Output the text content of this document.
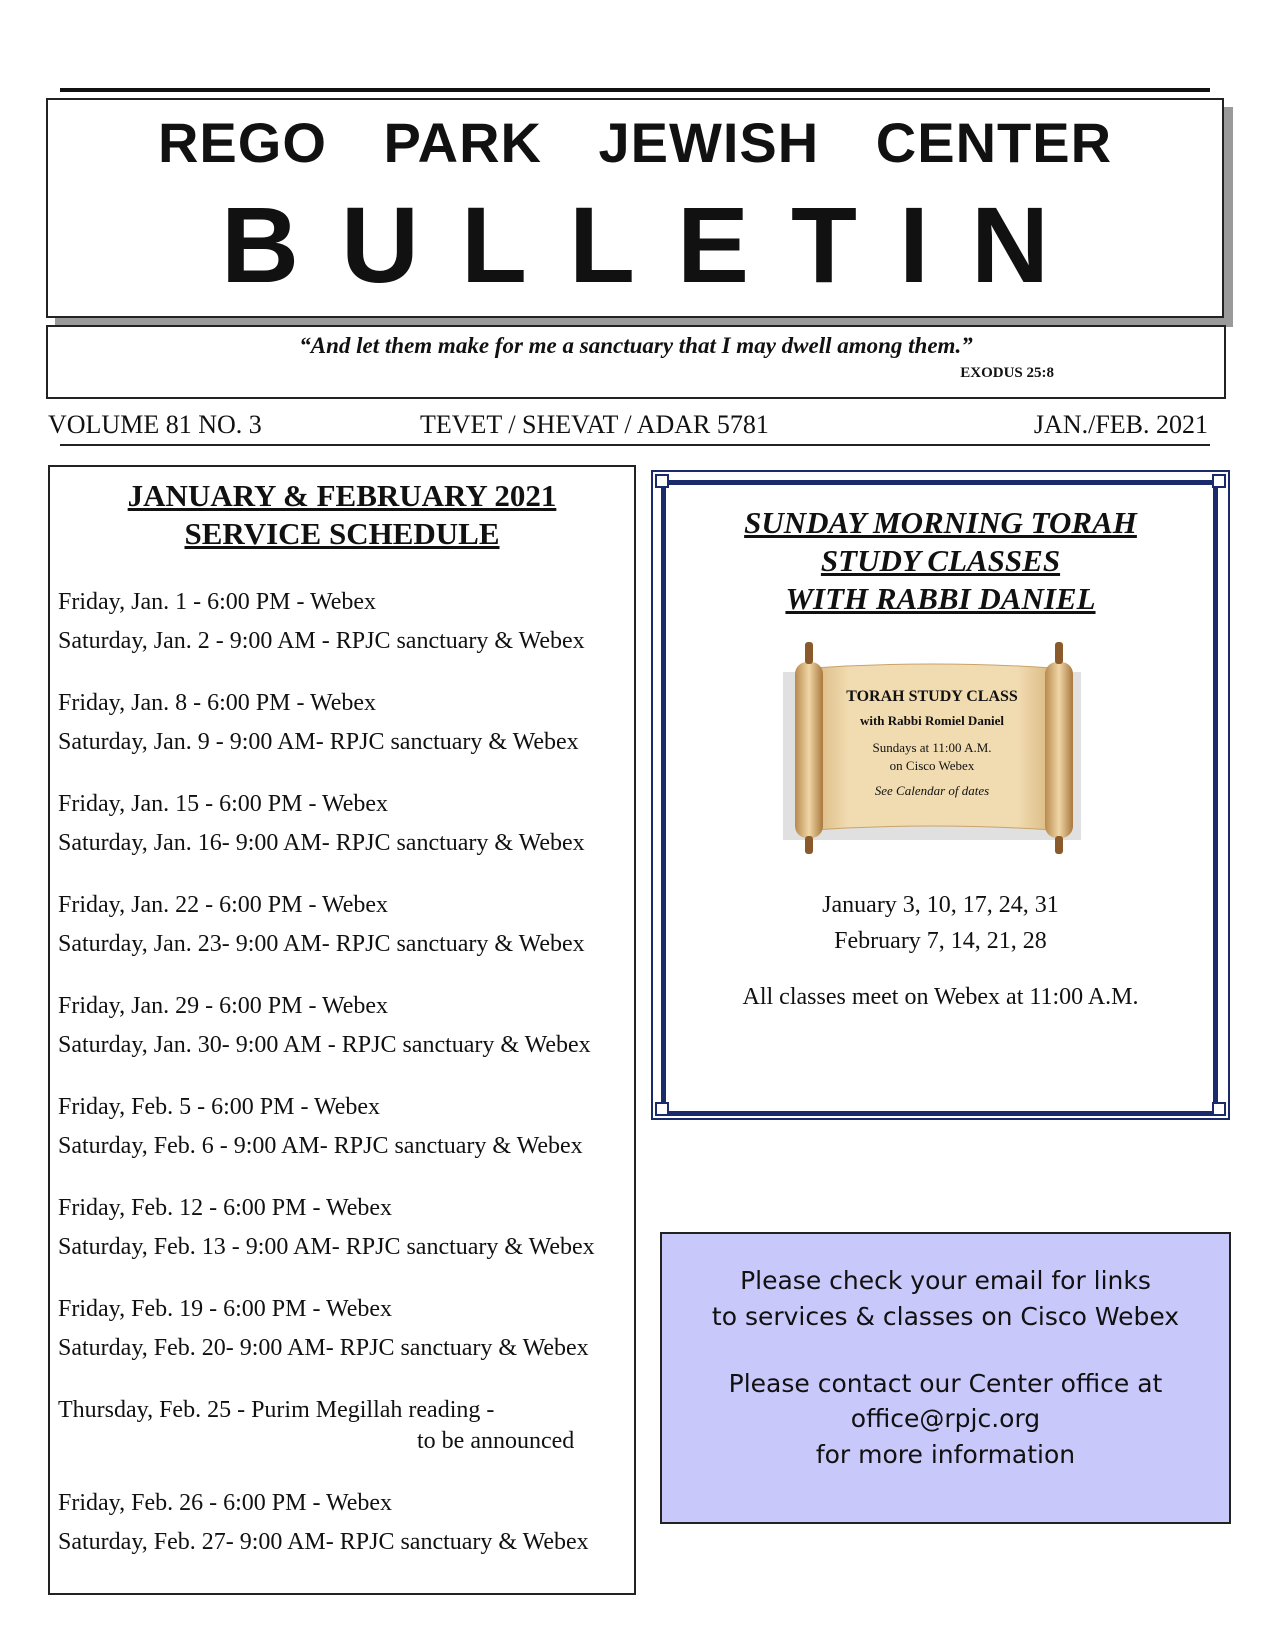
REGO PARK JEWISH CENTER
BULLETIN
“And let them make for me a sanctuary that I may dwell among them.”
EXODUS 25:8
VOLUME 81 NO. 3	TEVET / SHEVAT / ADAR 5781	JAN./FEB. 2021
JANUARY & FEBRUARY 2021
SERVICE SCHEDULE
Friday, Jan. 1 - 6:00 PM - Webex
Saturday, Jan. 2 - 9:00 AM - RPJC sanctuary & Webex
Friday, Jan. 8 - 6:00 PM - Webex
Saturday, Jan. 9 - 9:00 AM- RPJC sanctuary & Webex
Friday, Jan. 15 - 6:00 PM - Webex
Saturday, Jan. 16- 9:00 AM- RPJC sanctuary & Webex
Friday, Jan. 22 - 6:00 PM - Webex
Saturday, Jan. 23- 9:00 AM- RPJC sanctuary & Webex
Friday, Jan. 29 - 6:00 PM - Webex
Saturday, Jan. 30- 9:00 AM - RPJC sanctuary & Webex
Friday, Feb. 5 - 6:00 PM - Webex
Saturday, Feb. 6 - 9:00 AM- RPJC sanctuary & Webex
Friday, Feb. 12 - 6:00 PM - Webex
Saturday, Feb. 13 - 9:00 AM- RPJC sanctuary & Webex
Friday, Feb. 19 - 6:00 PM - Webex
Saturday, Feb. 20- 9:00 AM- RPJC sanctuary & Webex
Thursday, Feb. 25 - Purim Megillah reading -
to be announced
Friday, Feb. 26 - 6:00 PM - Webex
Saturday, Feb. 27- 9:00 AM- RPJC sanctuary & Webex
SUNDAY MORNING TORAH
STUDY CLASSES
WITH RABBI DANIEL
TORAH STUDY CLASS
with Rabbi Romiel Daniel
Sundays at 11:00 A.M.
on Cisco Webex
See Calendar of dates
January 3, 10, 17, 24, 31
February 7, 14, 21, 28
All classes meet on Webex at 11:00 A.M.
Please check your email for links
to services & classes on Cisco Webex
Please contact our Center office at
office@rpjc.org
for more information
